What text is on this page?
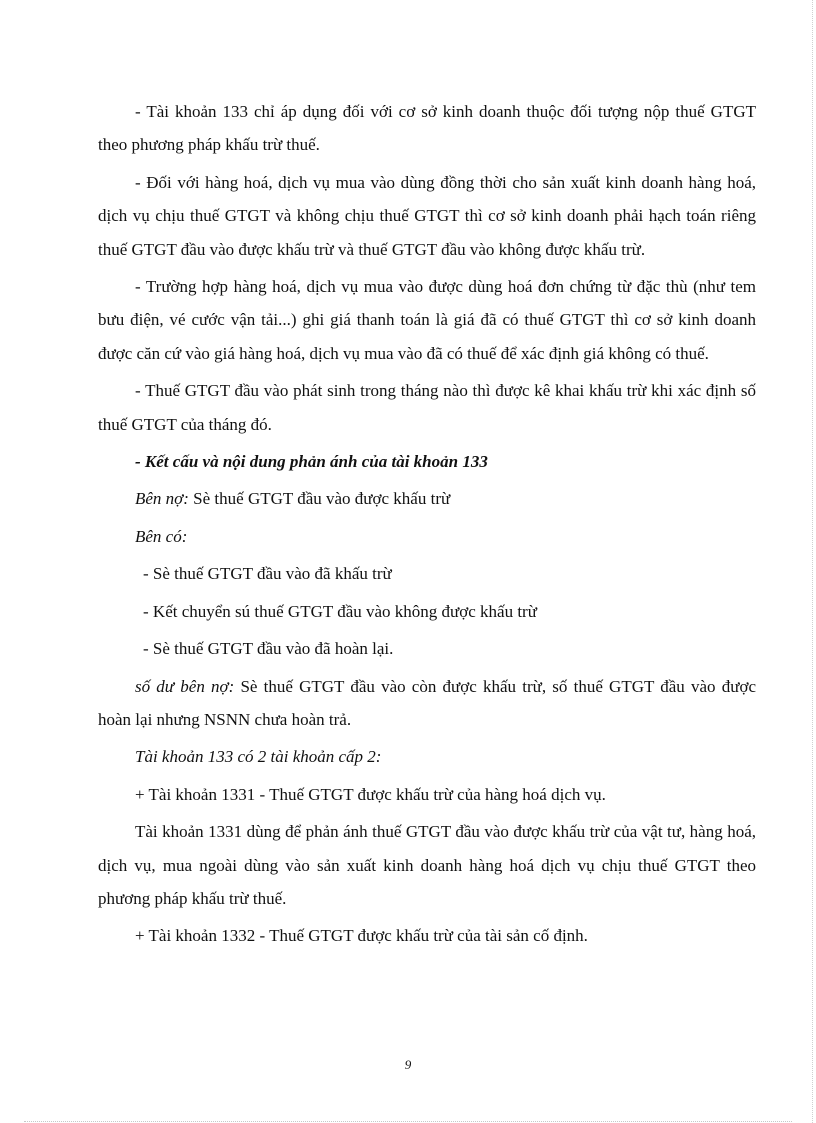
- Tài khoản 133 chỉ áp dụng đối với cơ sở kinh doanh thuộc đối tượng nộp thuế GTGT theo phương pháp khấu trừ thuế.

- Đối với hàng hoá, dịch vụ mua vào dùng đồng thời cho sản xuất kinh doanh hàng hoá, dịch vụ chịu thuế GTGT và không chịu thuế GTGT thì cơ sở kinh doanh phải hạch toán riêng thuế GTGT đầu vào được khấu trừ và thuế GTGT đầu vào không được khấu trừ.

- Trường hợp hàng hoá, dịch vụ mua vào được dùng hoá đơn chứng từ đặc thù (như tem bưu điện, vé cước vận tải...) ghi giá thanh toán là giá đã có thuế GTGT thì cơ sở kinh doanh được căn cứ vào giá hàng hoá, dịch vụ mua vào đã có thuế để xác định giá không có thuế.

- Thuế GTGT đầu vào phát sinh trong tháng nào thì được kê khai khấu trừ khi xác định số thuế GTGT của tháng đó.

- Kết cấu và nội dung phản ánh của tài khoản 133

Bên nợ: Sè thuế GTGT đầu vào được khấu trừ

Bên có:

- Sè thuế GTGT đầu vào đã khấu trừ

- Kết chuyển sú thuế GTGT đầu vào không được khấu trừ

- Sè thuế GTGT đầu vào đã hoàn lại.

số dư bên nợ: Sè thuế GTGT đầu vào còn được khấu trừ, số thuế GTGT đầu vào được hoàn lại nhưng NSNN chưa hoàn trả.

Tài khoản 133 có 2 tài khoản cấp 2:

+ Tài khoản 1331 - Thuế GTGT được khấu trừ của hàng hoá dịch vụ.

Tài khoản 1331 dùng để phản ánh thuế GTGT đầu vào được khấu trừ của vật tư, hàng hoá, dịch vụ, mua ngoài dùng vào sản xuất kinh doanh hàng hoá dịch vụ chịu thuế GTGT theo phương pháp khấu trừ thuế.

+ Tài khoản 1332 - Thuế GTGT được khấu trừ của tài sản cố định.

9
